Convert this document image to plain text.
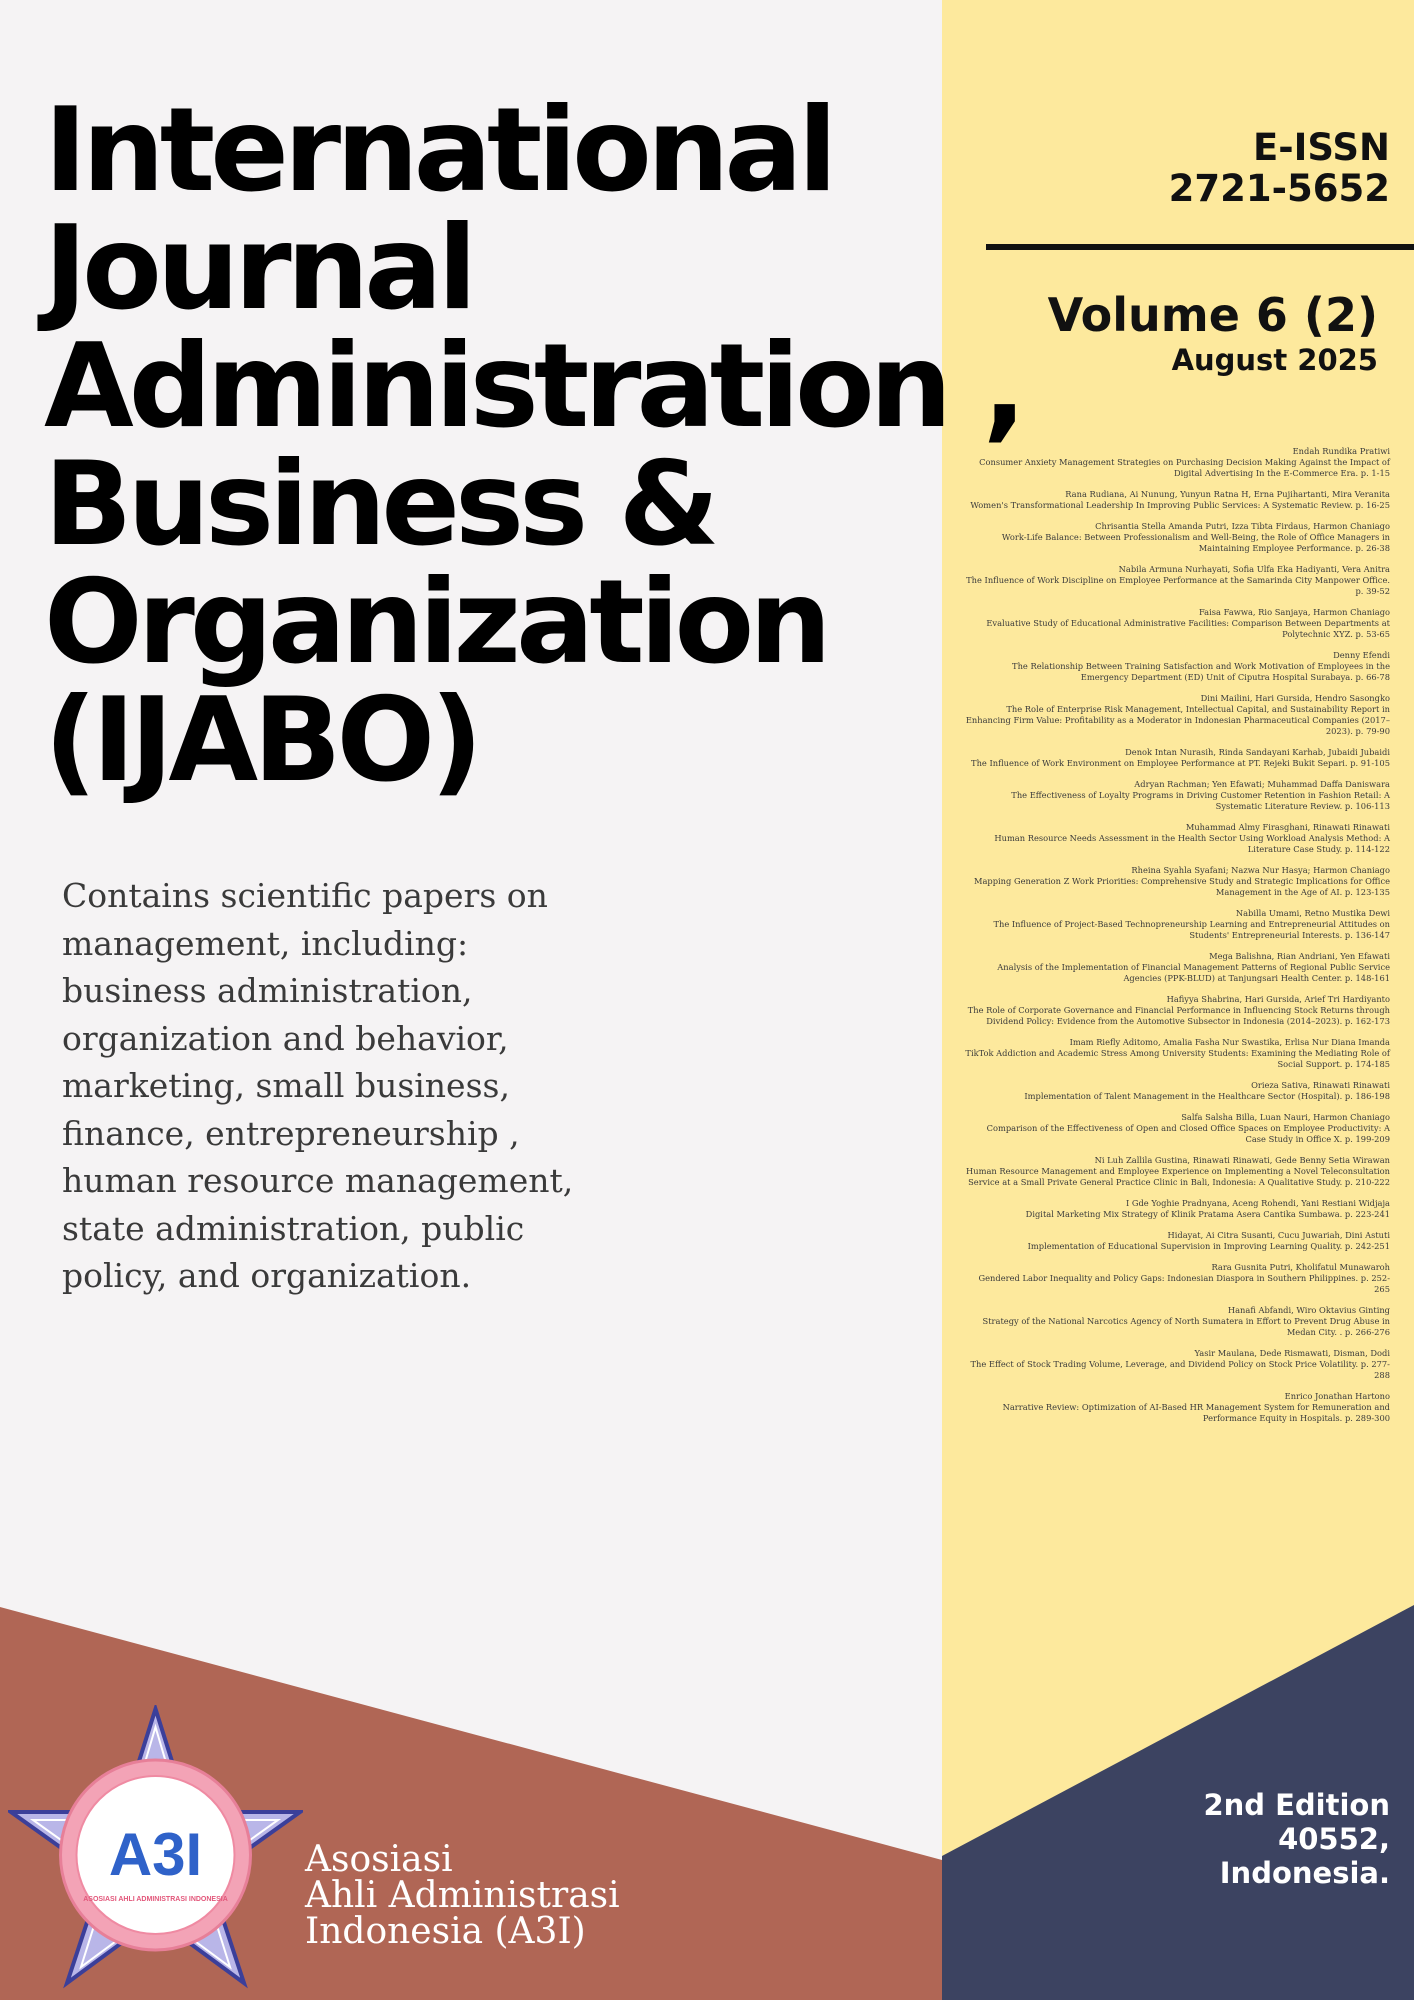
International
Journal
Administration ,
Business &
Organization
(IJABO)

Contains scientific papers on management, including: business administration, organization and behavior, marketing, small business, finance, entrepreneurship , human resource management, state administration, public policy, and organization.

E-ISSN
2721-5652
Volume 6 (2)
August 2025
Endah Rundika Pratiwi
Consumer Anxiety Management Strategies on Purchasing Decision Making Against the Impact of Digital Advertising In the E-Commerce Era. p. 1-15
Rana Rudiana, Ai Nunung, Yunyun Ratna H, Erna Pujihartanti, Mira Veranita
Women's Transformational Leadership In Improving Public Services: A Systematic Review. p. 16-25
Chrisantia Stella Amanda Putri, Izza Tibta Firdaus, Harmon Chaniago
Work-Life Balance: Between Professionalism and Well-Being, the Role of Office Managers in Maintaining Employee Performance. p. 26-38
Nabila Armuna Nurhayati, Sofia Ulfa Eka Hadiyanti, Vera Anitra
The Influence of Work Discipline on Employee Performance at the Samarinda City Manpower Office. p. 39-52
Faisa Fawwa, Rio Sanjaya, Harmon Chaniago
Evaluative Study of Educational Administrative Facilities: Comparison Between Departments at Polytechnic XYZ. p. 53-65
Denny Efendi
The Relationship Between Training Satisfaction and Work Motivation of Employees in the Emergency Department (ED) Unit of Ciputra Hospital Surabaya. p. 66-78
Dini Mailini, Hari Gursida, Hendro Sasongko
The Role of Enterprise Risk Management, Intellectual Capital, and Sustainability Report in Enhancing Firm Value: Profitability as a Moderator in Indonesian Pharmaceutical Companies (2017–2023). p. 79-90
Denok Intan Nurasih, Rinda Sandayani Karhab, Jubaidi Jubaidi
The Influence of Work Environment on Employee Performance at PT. Rejeki Bukit Separi. p. 91-105
Adryan Rachman; Yen Efawati; Muhammad Daffa Daniswara
The Effectiveness of Loyalty Programs in Driving Customer Retention in Fashion Retail: A Systematic Literature Review. p. 106-113
Muhammad Almy Firasghani, Rinawati Rinawati
Human Resource Needs Assessment in the Health Sector Using Workload Analysis Method: A Literature Case Study. p. 114-122
Rheina Syahla Syafani; Nazwa Nur Hasya; Harmon Chaniago
Mapping Generation Z Work Priorities: Comprehensive Study and Strategic Implications for Office Management in the Age of AI. p. 123-135
Nabilla Umami, Retno Mustika Dewi
The Influence of Project-Based Technopreneurship Learning and Entrepreneurial Attitudes on Students' Entrepreneurial Interests. p. 136-147
Mega Balishna, Rian Andriani, Yen Efawati
Analysis of the Implementation of Financial Management Patterns of Regional Public Service Agencies (PPK-BLUD) at Tanjungsari Health Center. p. 148-161
Hafiyya Shabrina, Hari Gursida, Arief Tri Hardiyanto
The Role of Corporate Governance and Financial Performance in Influencing Stock Returns through Dividend Policy: Evidence from the Automotive Subsector in Indonesia (2014–2023). p. 162-173
Imam Riefly Aditomo, Amalia Fasha Nur Swastika, Erlisa Nur Diana Imanda
TikTok Addiction and Academic Stress Among University Students: Examining the Mediating Role of Social Support. p. 174-185
Orieza Sativa, Rinawati Rinawati
Implementation of Talent Management in the Healthcare Sector (Hospital). p. 186-198
Salfa Salsha Billa, Luan Nauri, Harmon Chaniago
Comparison of the Effectiveness of Open and Closed Office Spaces on Employee Productivity: A Case Study in Office X. p. 199-209
Ni Luh Zallila Gustina, Rinawati Rinawati, Gede Benny Setia Wirawan
Human Resource Management and Employee Experience on Implementing a Novel Teleconsultation Service at a Small Private General Practice Clinic in Bali, Indonesia: A Qualitative Study. p. 210-222
I Gde Yoghie Pradnyana, Aceng Rohendi, Yani Restiani Widjaja
Digital Marketing Mix Strategy of Klinik Pratama Asera Cantika Sumbawa. p. 223-241
Hidayat, Ai Citra Susanti, Cucu Juwariah, Dini Astuti
Implementation of Educational Supervision in Improving Learning Quality. p. 242-251
Rara Gusnita Putri, Kholifatul Munawaroh
Gendered Labor Inequality and Policy Gaps: Indonesian Diaspora in Southern Philippines. p. 252-265
Hanafi Abfandi, Wiro Oktavius Ginting
Strategy of the National Narcotics Agency of North Sumatera in Effort to Prevent Drug Abuse in Medan City. . p. 266-276
Yasir Maulana, Dede Rismawati, Disman, Dodi
The Effect of Stock Trading Volume, Leverage, and Dividend Policy on Stock Price Volatility. p. 277-288
Enrico Jonathan Hartono
Narrative Review: Optimization of AI-Based HR Management System for Remuneration and Performance Equity in Hospitals. p. 289-300
2nd Edition
40552,
Indonesia.
A3I
ASOSIASI AHLI ADMINISTRASI INDONESIA
Asosiasi
Ahli Administrasi
Indonesia (A3I)
